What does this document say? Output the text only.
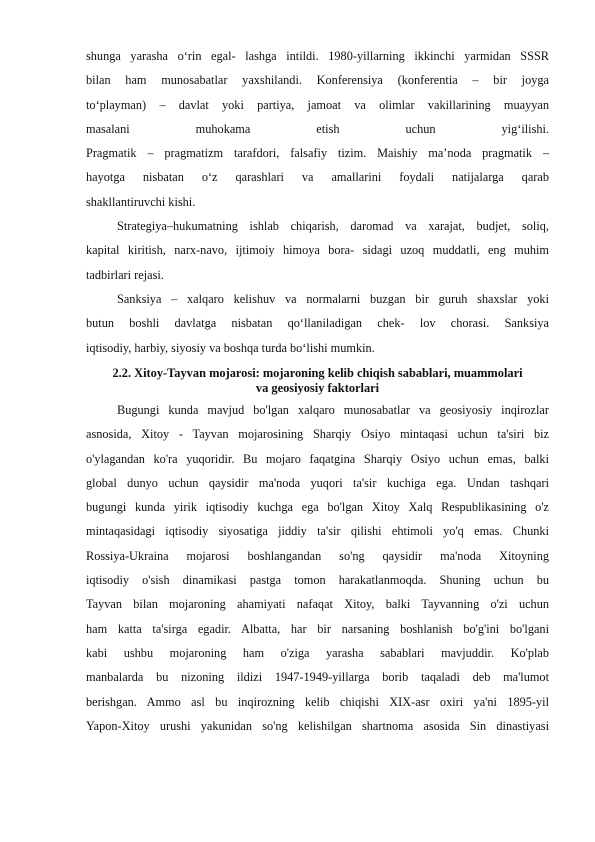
shunga yarasha o‘rin egal- lashga intildi. 1980-yillarning ikkinchi yarmidan SSSR
bilan ham munosabatlar yaxshilandi. Konferensiya (konferentia – bir joyga
to‘playman) – davlat yoki partiya, jamoat va olimlar vakillarining muayyan
masalani muhokama etish uchun yig‘ilishi.
Pragmatik – pragmatizm tarafdori, falsafiy tizim. Maishiy ma’noda pragmatik –
hayotga nisbatan o‘z qarashlari va amallarini foydali natijalarga qarab
shakllantiruvchi kishi.
Strategiya–hukumatning ishlab chiqarish, daromad va xarajat, budjet, soliq,
kapital kiritish, narx-navo, ijtimoiy himoya bora- sidagi uzoq muddatli, eng muhim
tadbirlari rejasi.
Sanksiya – xalqaro kelishuv va normalarni buzgan bir guruh shaxslar yoki
butun boshli davlatga nisbatan qo‘llaniladigan chek- lov chorasi. Sanksiya
iqtisodiy, harbiy, siyosiy va boshqa turda bo‘lishi mumkin.
2.2. Xitoy-Tayvan mojarosi: mojaroning kelib chiqish sabablari, muammolari
va geosiyosiy faktorlari
Bugungi kunda mavjud bo'lgan xalqaro munosabatlar va geosiyosiy inqirozlar
asnosida, Xitoy - Tayvan mojarosining Sharqiy Osiyo mintaqasi uchun ta'siri biz
o'ylagandan ko'ra yuqoridir. Bu mojaro faqatgina Sharqiy Osiyo uchun emas, balki
global dunyo uchun qaysidir ma'noda yuqori ta'sir kuchiga ega. Undan tashqari
bugungi kunda yirik iqtisodiy kuchga ega bo'lgan Xitoy Xalq Respublikasining o'z
mintaqasidagi iqtisodiy siyosatiga jiddiy ta'sir qilishi ehtimoli yo'q emas. Chunki
Rossiya-Ukraina mojarosi boshlangandan so'ng qaysidir ma'noda Xitoyning
iqtisodiy o'sish dinamikasi pastga tomon harakatlanmoqda. Shuning uchun bu
Tayvan bilan mojaroning ahamiyati nafaqat Xitoy, balki Tayvanning o'zi uchun
ham katta ta'sirga egadir. Albatta, har bir narsaning boshlanish bo'g'ini bo'lgani
kabi ushbu mojaroning ham o'ziga yarasha sabablari mavjuddir. Ko'plab
manbalarda bu nizoning ildizi 1947-1949-yillarga borib taqaladi deb ma'lumot
berishgan. Ammo asl bu inqirozning kelib chiqishi XIX-asr oxiri ya'ni 1895-yil
Yapon-Xitoy urushi yakunidan so'ng kelishilgan shartnoma asosida Sin dinastiyasi
